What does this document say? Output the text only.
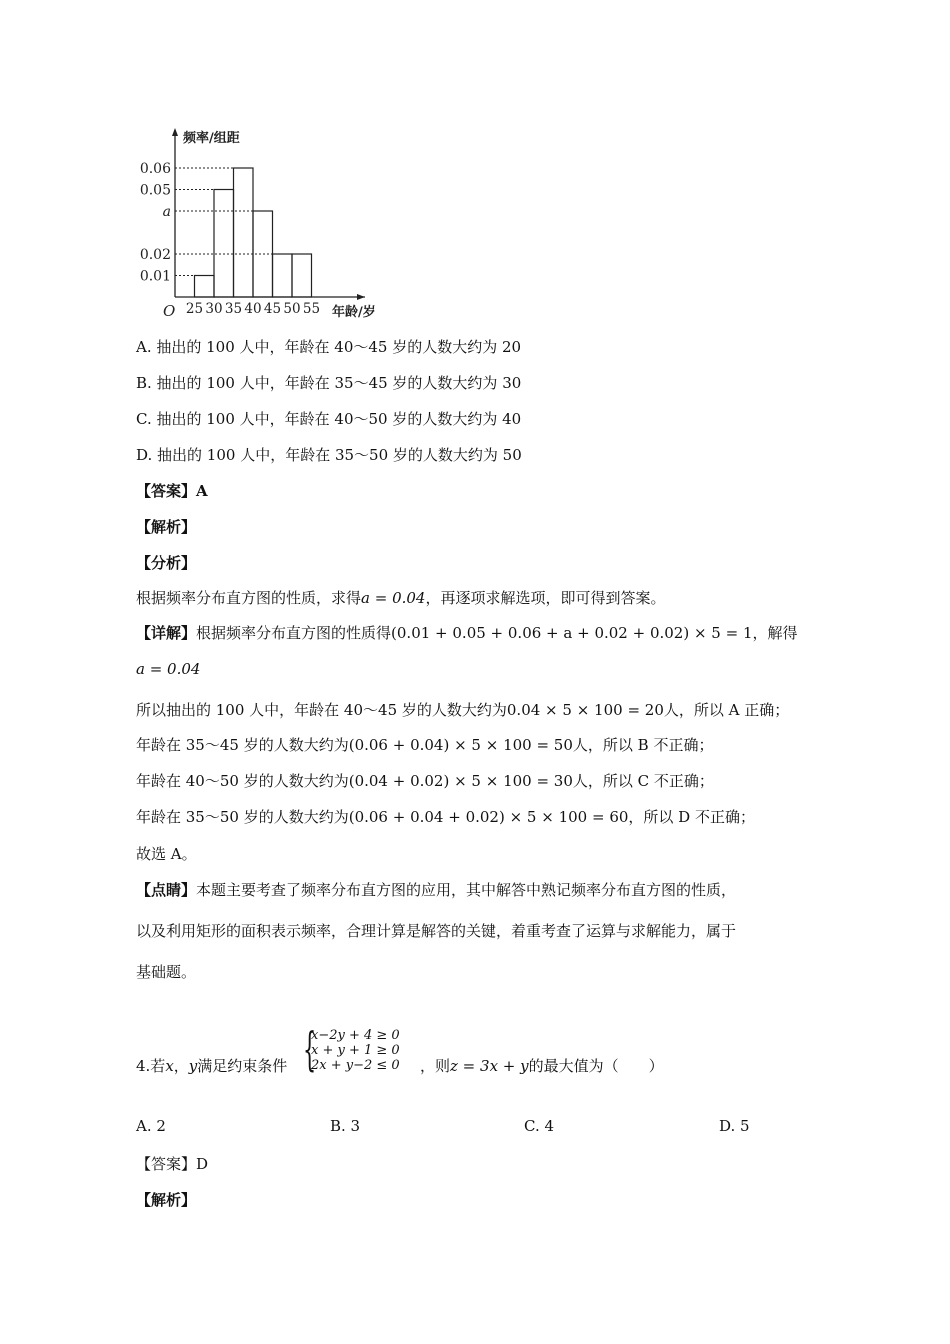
频率/组距
年龄/岁
O
0.06
0.05
a
0.02
0.01
25 30 35 40 45 50 55
A. 抽出的 100 人中，年龄在 40～45 岁的人数大约为 20
B. 抽出的 100 人中，年龄在 35～45 岁的人数大约为 30
C. 抽出的 100 人中，年龄在 40～50 岁的人数大约为 40
D. 抽出的 100 人中，年龄在 35～50 岁的人数大约为 50
【答案】A
【解析】
【分析】
根据频率分布直方图的性质，求得a = 0.04，再逐项求解选项，即可得到答案。
【详解】根据频率分布直方图的性质得(0.01 + 0.05 + 0.06 + a + 0.02 + 0.02) × 5 = 1，解得
a = 0.04
所以抽出的 100 人中，年龄在 40～45 岁的人数大约为0.04 × 5 × 100 = 20人，所以 A 正确；
年龄在 35～45 岁的人数大约为(0.06 + 0.04) × 5 × 100 = 50人，所以 B 不正确；
年龄在 40～50 岁的人数大约为(0.04 + 0.02) × 5 × 100 = 30人，所以 C 不正确；
年龄在 35～50 岁的人数大约为(0.06 + 0.04 + 0.02) × 5 × 100 = 60，所以 D 不正确；
故选 A。
【点睛】本题主要考查了频率分布直方图的应用，其中解答中熟记频率分布直方图的性质，
以及利用矩形的面积表示频率，合理计算是解答的关键，着重考查了运算与求解能力，属于
基础题。
4.若x，y满足约束条件 {
x−2y + 4 ≥ 0
x + y + 1 ≥ 0
2x + y−2 ≤ 0 ，则z = 3x + y的最大值为（　　）
A. 2	B. 3	C. 4	D. 5
【答案】D
【解析】
